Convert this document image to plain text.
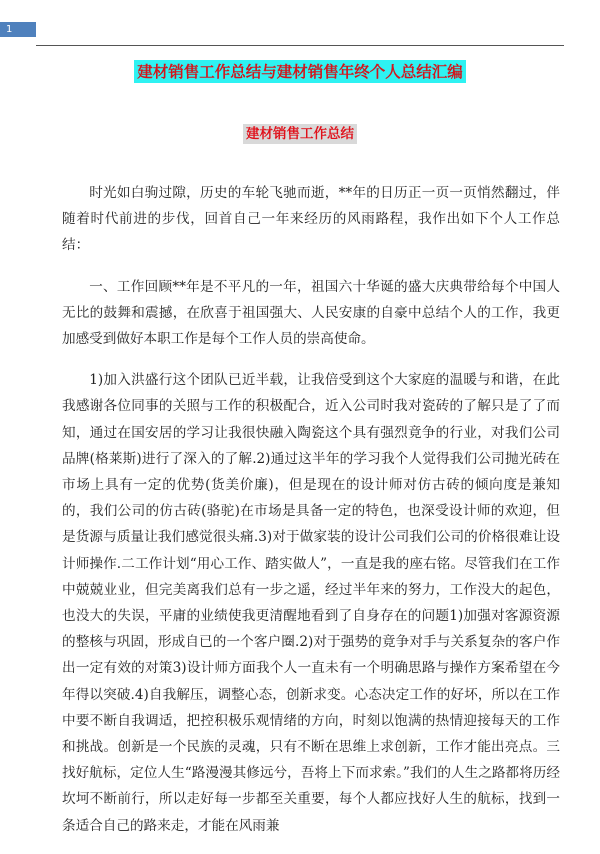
1
建材销售工作总结与建材销售年终个人总结汇编
建材销售工作总结

时光如白驹过隙，历史的车轮飞驰而逝，**年的日历正一页一页悄然翻过，伴随着时代前进的步伐，回首自己一年来经历的风雨路程，我作出如下个人工作总结：

一、工作回顾**年是不平凡的一年，祖国六十华诞的盛大庆典带给每个中国人无比的鼓舞和震撼，在欣喜于祖国强大、人民安康的自豪中总结个人的工作，我更加感受到做好本职工作是每个工作人员的崇高使命。

1)加入洪盛行这个团队已近半载，让我倍受到这个大家庭的温暖与和谐，在此我感谢各位同事的关照与工作的积极配合，近入公司时我对瓷砖的了解只是了了而知，通过在国安居的学习让我很快融入陶瓷这个具有强烈竟争的行业，对我们公司品牌(格莱斯)进行了深入的了解.2)通过这半年的学习我个人觉得我们公司抛光砖在市场上具有一定的优势(货美价廉)，但是现在的设计师对仿古砖的倾向度是兼知的，我们公司的仿古砖(骆驼)在市场是具备一定的特色，也深受设计师的欢迎，但是货源与质量让我们感觉很头痛.3)对于做家装的设计公司我们公司的价格很难让设计师操作.二工作计划“用心工作、踏实做人”，一直是我的座右铭。尽管我们在工作中兢兢业业，但完美离我们总有一步之遥，经过半年来的努力，工作没大的起色，也没大的失误，平庸的业绩使我更清醒地看到了自身存在的问题1)加强对客源资源的整核与巩固，形成自已的一个客户圈.2)对于强势的竟争对手与关系复杂的客户作出一定有效的对策3)设计师方面我个人一直未有一个明确思路与操作方案希望在今年得以突破.4)自我解压，调整心态，创新求变。心态决定工作的好坏，所以在工作中要不断自我调适，把控积极乐观情绪的方向，时刻以饱满的热情迎接每天的工作和挑战。创新是一个民族的灵魂，只有不断在思维上求创新，工作才能出亮点。三找好航标，定位人生“路漫漫其修远兮，吾将上下而求索。”我们的人生之路都将历经坎坷不断前行，所以走好每一步都至关重要，每个人都应找好人生的航标，找到一条适合自己的路来走，才能在风雨兼
